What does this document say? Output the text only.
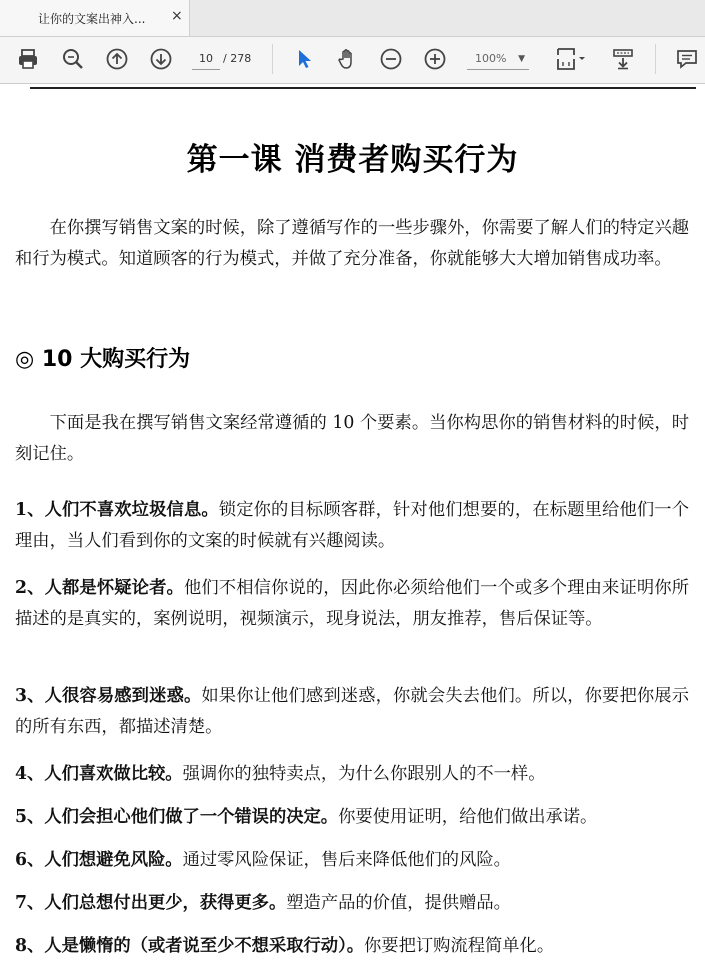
让你的文案出神入... ×
10 / 278	100% ▼
第一课 消费者购买行为
在你撰写销售文案的时候，除了遵循写作的一些步骤外，你需要了解人们的特定兴趣和行为模式。知道顾客的行为模式，并做了充分准备，你就能够大大增加销售成功率。
◎ 10 大购买行为
下面是我在撰写销售文案经常遵循的 10 个要素。当你构思你的销售材料的时候，时刻记住。
1、人们不喜欢垃圾信息。锁定你的目标顾客群，针对他们想要的，在标题里给他们一个理由，当人们看到你的文案的时候就有兴趣阅读。
2、人都是怀疑论者。他们不相信你说的，因此你必须给他们一个或多个理由来证明你所描述的是真实的，案例说明，视频演示，现身说法，朋友推荐，售后保证等。
3、人很容易感到迷惑。如果你让他们感到迷惑，你就会失去他们。所以，你要把你展示的所有东西，都描述清楚。
4、人们喜欢做比较。强调你的独特卖点，为什么你跟别人的不一样。
5、人们会担心他们做了一个错误的决定。你要使用证明，给他们做出承诺。
6、人们想避免风险。通过零风险保证，售后来降低他们的风险。
7、人们总想付出更少，获得更多。塑造产品的价值，提供赠品。
8、人是懒惰的（或者说至少不想采取行动）。你要把订购流程简单化。
